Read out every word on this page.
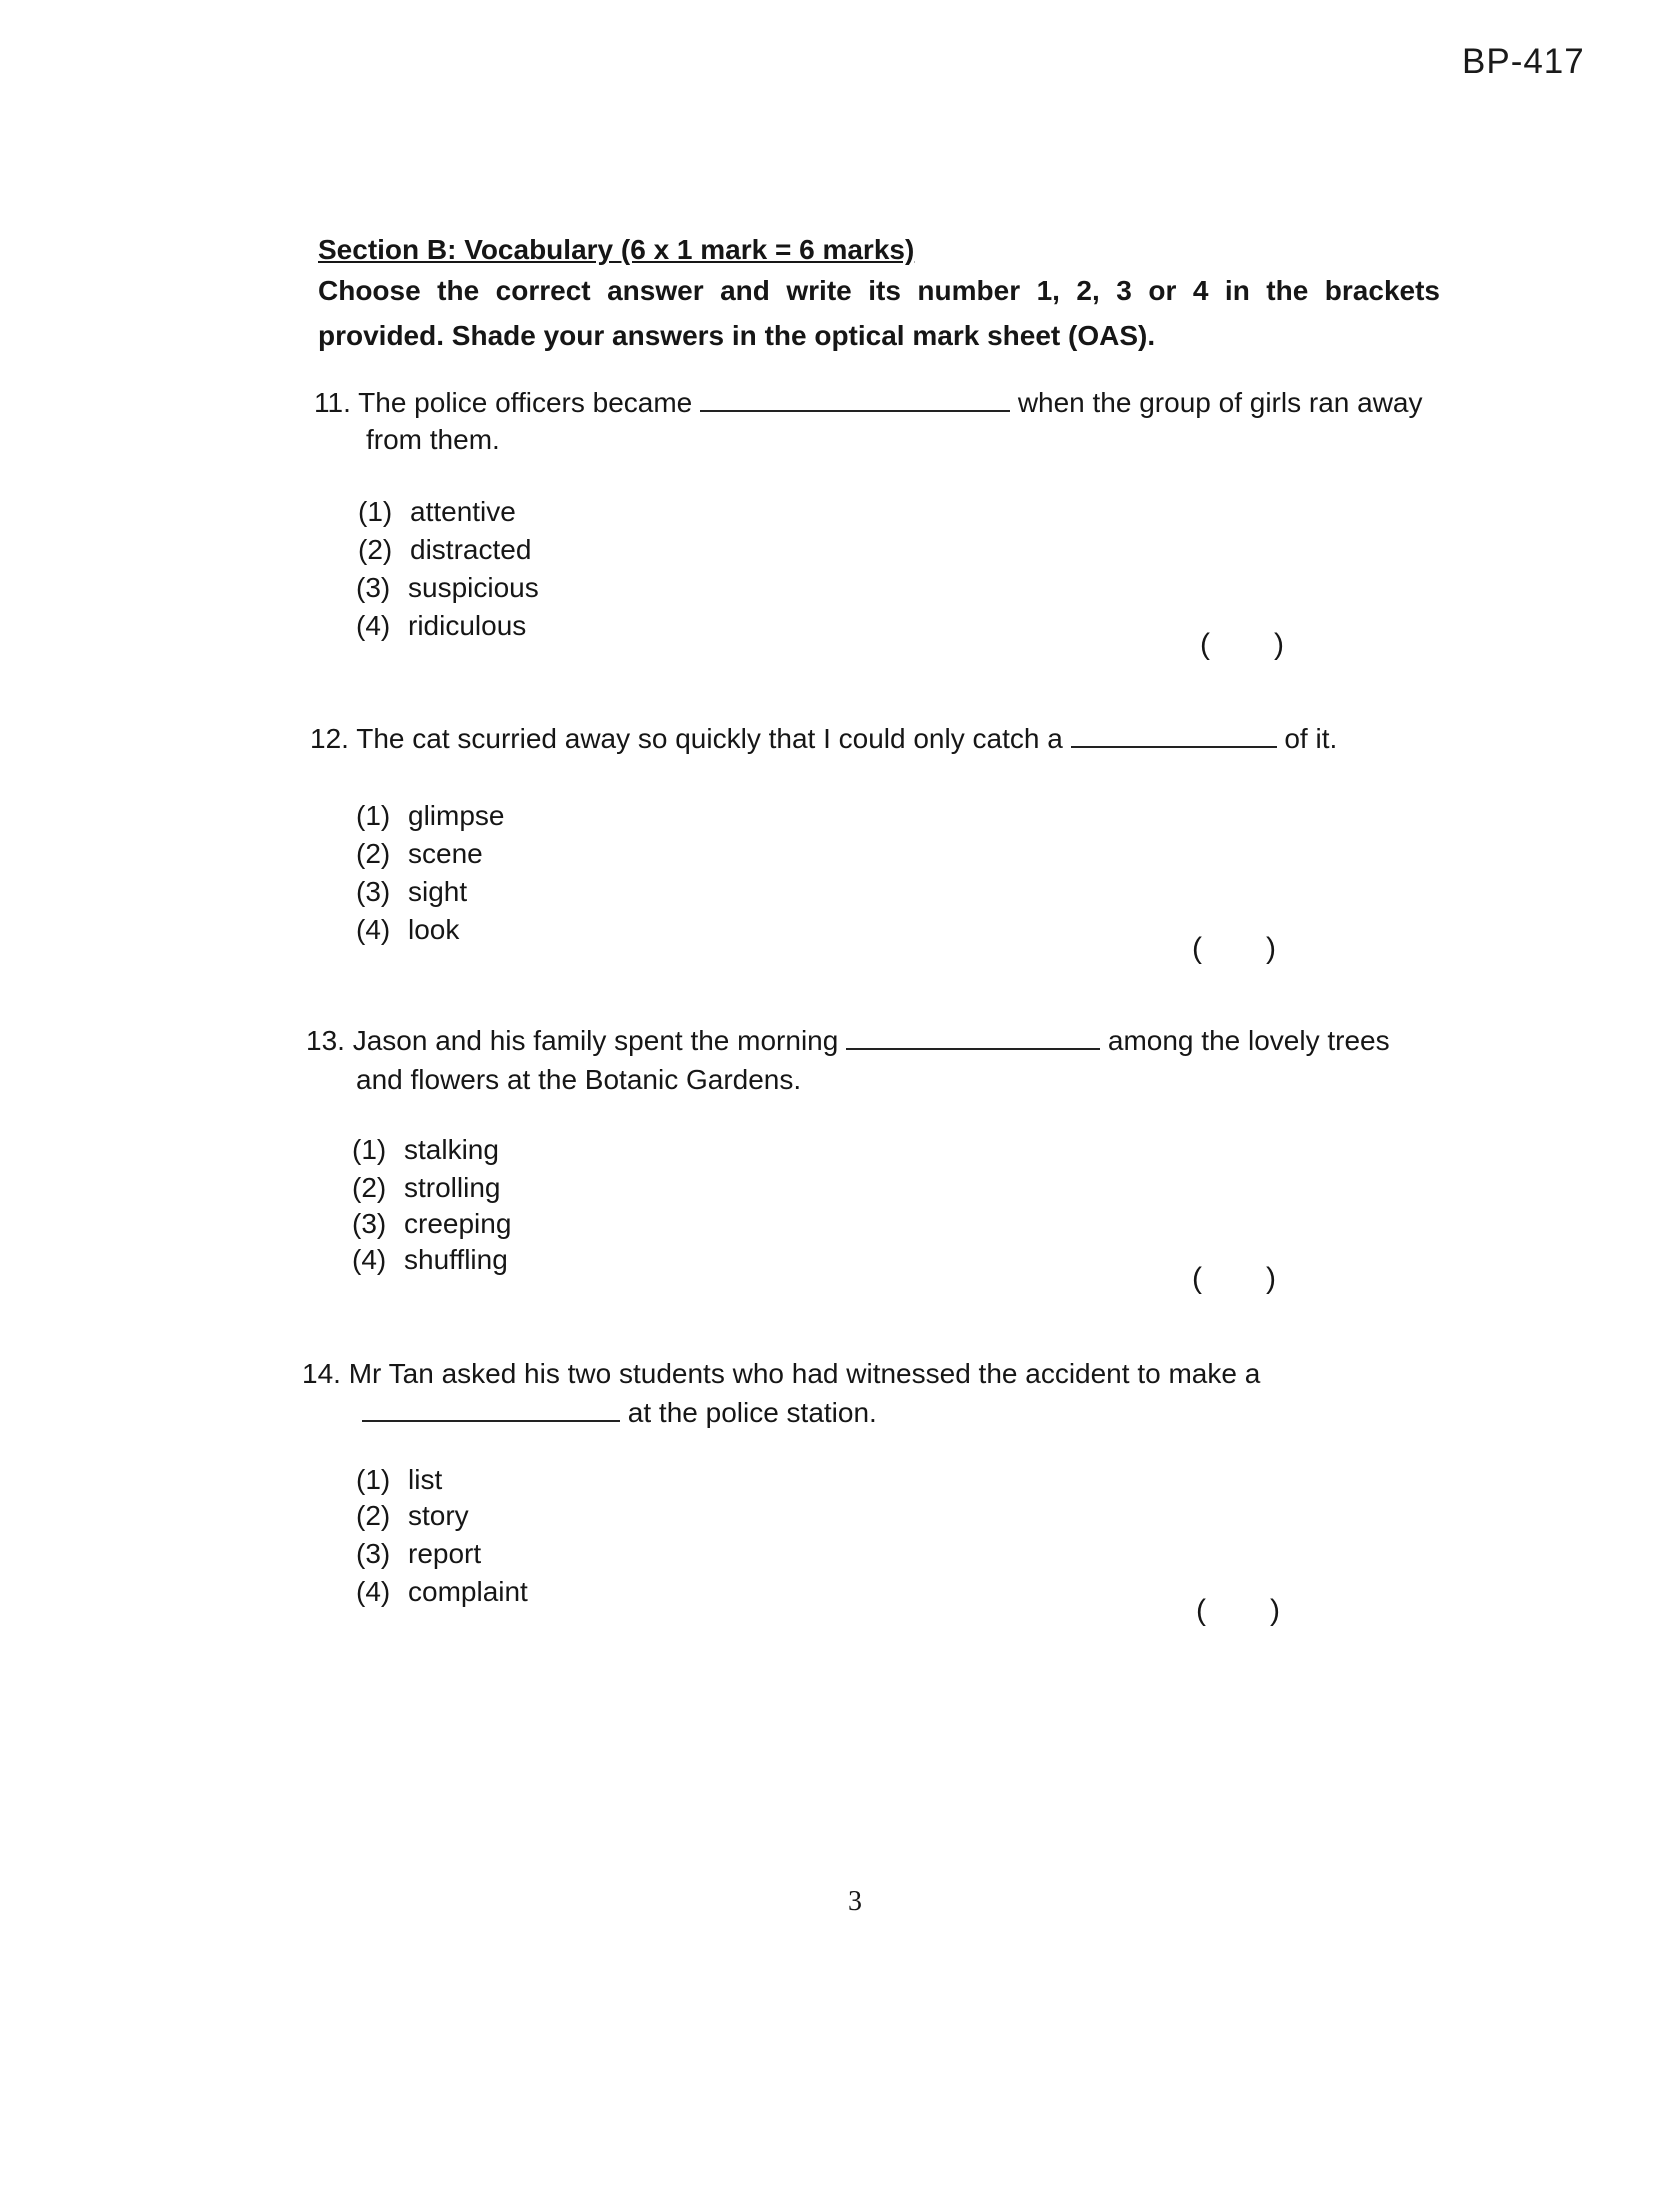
BP-417
Section B: Vocabulary (6 x 1 mark = 6 marks)
Choose the correct answer and write its number 1, 2, 3 or 4 in the brackets provided. Shade your answers in the optical mark sheet (OAS).
11. The police officers became	when the group of girls ran away
from them.
(1) attentive
(2) distracted
(3) suspicious
(4) ridiculous
( )
12. The cat scurried away so quickly that I could only catch a	of it.
(1) glimpse
(2) scene
(3) sight
(4) look
( )
13. Jason and his family spent the morning	among the lovely trees
and flowers at the Botanic Gardens.
(1) stalking
(2) strolling
(3) creeping
(4) shuffling
( )
14. Mr Tan asked his two students who had witnessed the accident to make a
at the police station.
(1) list
(2) story
(3) report
(4) complaint
( )
3
